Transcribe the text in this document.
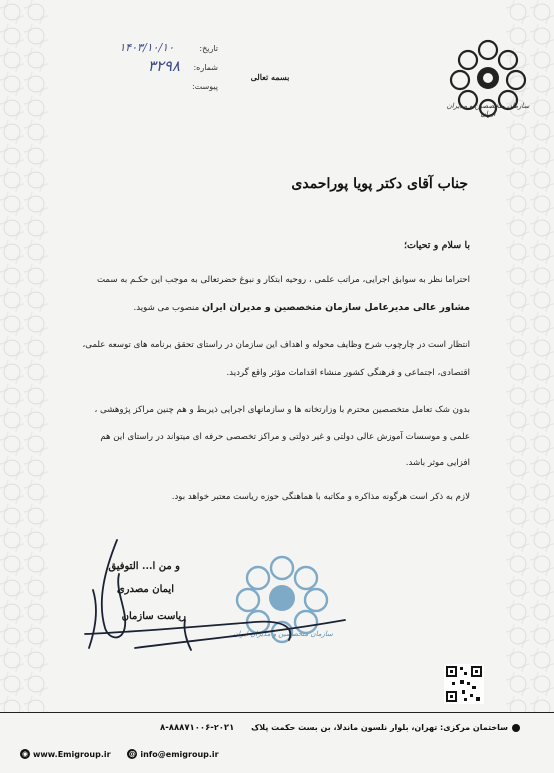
تاریخ:
۱۴۰۳/۱۰/۱۰
شماره:
۳۲۹۸
پیوست:
بسمه تعالی
سازمان متخصصین و مدیران ایران
جناب آقای دکتر پویا پوراحمدی
با سلام و تحیات؛
احتراما نظر به سوابق اجرایی، مراتب علمی ، روحیه ابتکار و نبوغ حضرتعالی به موجب این حکـم به سمت
مشاور عالی مدیرعامل سازمان متخصصین و مدیران ایران منصوب می شوید.
انتظار است در چارچوب شرح وظایف محوله و اهداف این سازمان در راستای تحقق برنامه های توسعه علمی،
اقتصادی، اجتماعی و فرهنگی کشور منشاء اقدامات مؤثر واقع گردید.
بدون شک تعامل متخصصین محترم با وزارتخانه ها و سازمانهای اجرایی ذیربط و هم چنین مراکز پژوهشی ،
علمی و موسسات آموزش عالی دولتی و غیر دولتی و مراکز تخصصی حرفه ای میتواند در راستای این هم
افزایی موثر باشد.
لازم به ذکر است هرگونه مذاکره و مکاتبه با هماهنگی حوزه ریاست معتبر خواهد بود.
سازمان متخصصین و مدیران ایران
و من ا... التوفیق
ایمان مصدری
ریاست سازمان
ساختمان مرکزی: تهران، بلوار نلسون ماندلا، بن بست حکمت پلاک ۲۰۲۱-۸۸۸۷۱۰۰۶-۸
◉ www.Emigroup.ir	@ info@emigroup.ir
